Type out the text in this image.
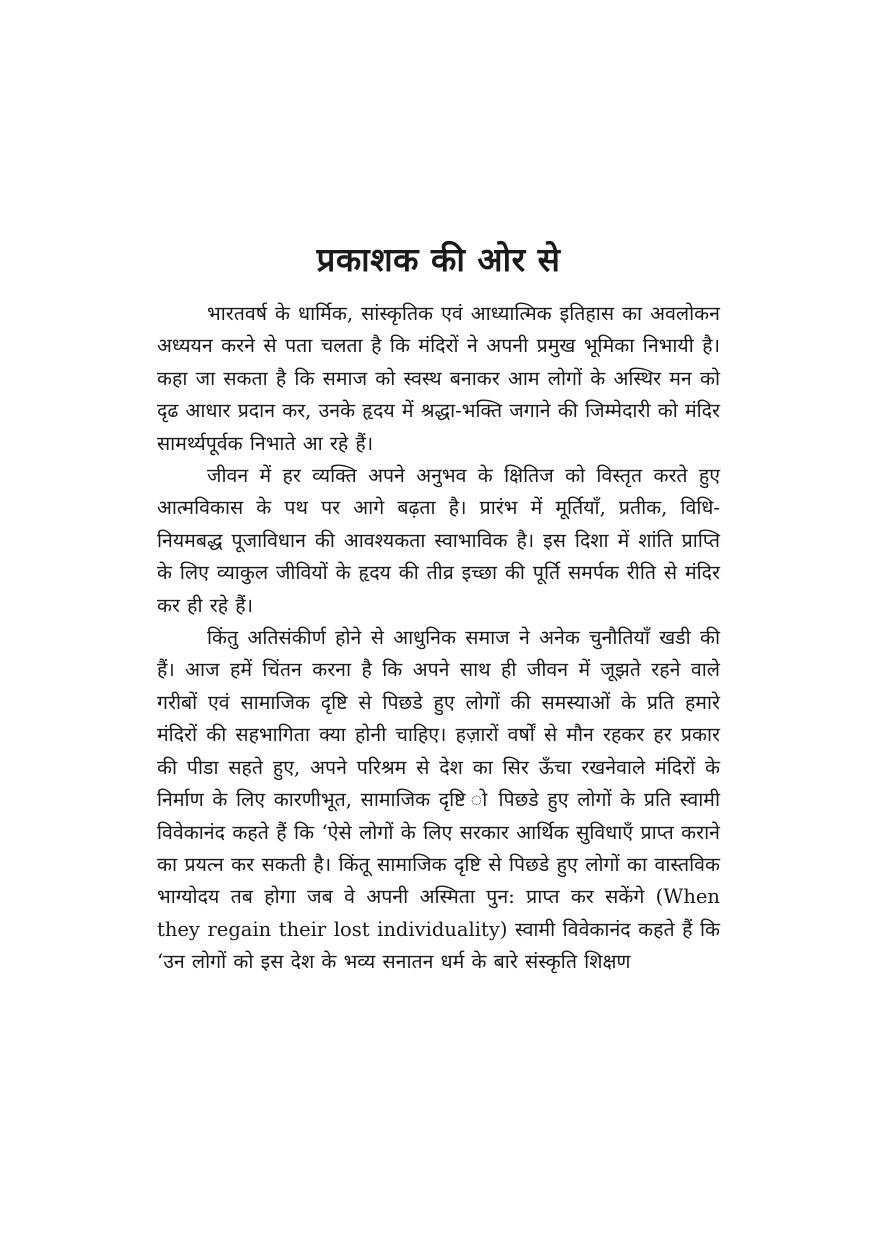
प्रकाशक की ओर से

भारतवर्ष के धार्मिक, सांस्कृतिक एवं आध्यात्मिक इतिहास का अवलोकन अध्ययन करने से पता चलता है कि मंदिरों ने अपनी प्रमुख भूमिका निभायी है। कहा जा सकता है कि समाज को स्वस्थ बनाकर आम लोगों के अस्थिर मन को दृढ आधार प्रदान कर, उनके हृदय में श्रद्धा-भक्ति जगाने की जिम्मेदारी को मंदिर सामर्थ्यपूर्वक निभाते आ रहे हैं।

जीवन में हर व्यक्ति अपने अनुभव के क्षितिज को विस्तृत करते हुए आत्मविकास के पथ पर आगे बढ़ता है। प्रारंभ में मूर्तियाँ, प्रतीक, विधि-नियमबद्ध पूजाविधान की आवश्यकता स्वाभाविक है। इस दिशा में शांति प्राप्ति के लिए व्याकुल जीवियों के हृदय की तीव्र इच्छा की पूर्ति समर्पक रीति से मंदिर कर ही रहे हैं।

किंतु अतिसंकीर्ण होने से आधुनिक समाज ने अनेक चुनौतियाँ खडी की हैं। आज हमें चिंतन करना है कि अपने साथ ही जीवन में जूझते रहने वाले गरीबों एवं सामाजिक दृष्टि से पिछडे हुए लोगों की समस्याओं के प्रति हमारे मंदिरों की सहभागिता क्या होनी चाहिए। हज़ारों वर्षों से मौन रहकर हर प्रकार की पीडा सहते हुए, अपने परिश्रम से देश का सिर ऊँचा रखनेवाले मंदिरों के निर्माण के लिए कारणीभूत, सामाजिक दृष्टि ो पिछडे हुए लोगों के प्रति स्वामी विवेकानंद कहते हैं कि ‘ऐसे लोगों के लिए सरकार आर्थिक सुविधाएँ प्राप्त कराने का प्रयत्न कर सकती है। किंतू सामाजिक दृष्टि से पिछडे हुए लोगों का वास्तविक भाग्योदय तब होगा जब वे अपनी अस्मिता पुन: प्राप्त कर सकेंगे (When they regain their lost individuality) स्वामी विवेकानंद कहते हैं कि ‘उन लोगों को इस देश के भव्य सनातन धर्म के बारे संस्कृति शिक्षण
